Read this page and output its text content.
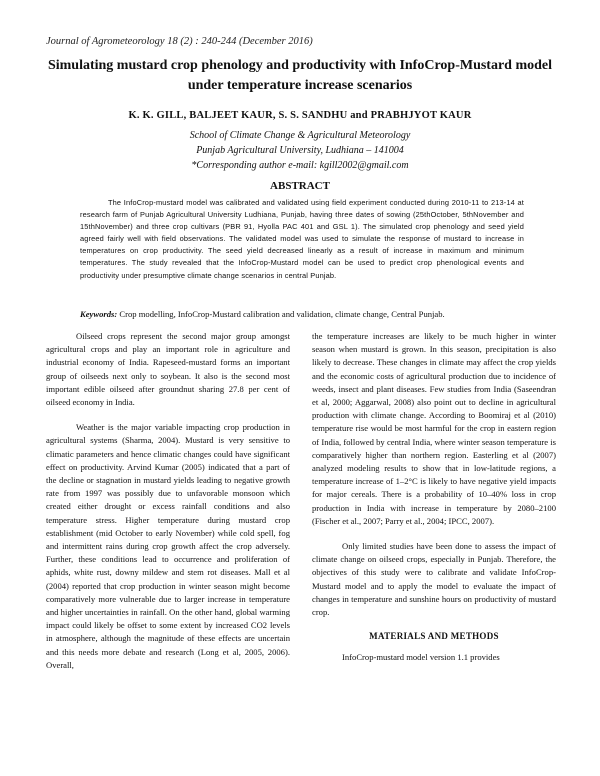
Journal of Agrometeorology 18 (2) : 240-244 (December 2016)
Simulating mustard crop phenology and productivity with InfoCrop-Mustard model
under temperature increase scenarios
K. K. GILL, BALJEET KAUR, S. S. SANDHU and PRABHJYOT KAUR
School of Climate Change & Agricultural Meteorology
Punjab Agricultural University, Ludhiana – 141004
*Corresponding author e-mail: kgill2002@gmail.com
ABSTRACT
The InfoCrop-mustard model was calibrated and validated using field experiment conducted during 2010-11 to 213-14 at research farm of Punjab Agricultural University Ludhiana, Punjab, having three dates of sowing (25thOctober, 5thNovember and 15thNovember) and three crop cultivars (PBR 91, Hyolla PAC 401 and GSL 1). The simulated crop phenology and seed yield agreed fairly well with field observations. The validated model was used to simulate the response of mustard to increase in temperatures on crop productivity. The seed yield decreased linearly as a result of increase in maximum and minimum temperatures. The study revealed that the InfoCrop-Mustard model can be used to predict crop phenological events and productivity under presumptive climate change scenarios in central Punjab.
Keywords: Crop modelling, InfoCrop-Mustard calibration and validation, climate change, Central Punjab.

Oilseed crops represent the second major group amongst agricultural crops and play an important role in agriculture and industrial economy of India. Rapeseed-mustard forms an important group of oilseeds next only to soybean. It also is the second most important edible oilseed after groundnut sharing 27.8 per cent of oilseed economy in India.

Weather is the major variable impacting crop production in agricultural systems (Sharma, 2004). Mustard is very sensitive to climatic parameters and hence climatic changes could have significant effect on productivity. Arvind Kumar (2005) indicated that a part of the decline or stagnation in mustard yields leading to negative growth rate from 1997 was possibly due to unfavorable monsoon which created either drought or excess rainfall conditions and also temperature stress. Higher temperature during mustard crop establishment (mid October to early November) while cold spell, fog and intermittent rains during crop growth affect the crop adversely. Further, these conditions lead to occurrence and proliferation of aphids, white rust, downy mildew and stem rot diseases. Mall et al (2004) reported that crop production in winter season might become comparatively more vulnerable due to larger increase in temperature and higher uncertainties in rainfall. On the other hand, global warming impact could likely be offset to some extent by increased CO2 levels in atmosphere, although the magnitude of these effects are uncertain and this needs more debate and research (Long et al, 2005, 2006). Overall,

the temperature increases are likely to be much higher in winter season when mustard is grown. In this season, precipitation is also likely to decrease. These changes in climate may affect the crop yields and the economic costs of agricultural production due to incidence of weeds, insect and plant diseases. Few studies from India (Saseendran et al, 2000; Aggarwal, 2008) also point out to decline in agricultural production with climate change. According to Boomiraj et al (2010) temperature rise would be most harmful for the crop in eastern region of India, followed by central India, where winter season temperature is comparatively higher than northern region. Easterling et al (2007) analyzed modeling results to show that in low-latitude regions, a temperature increase of 1–2°C is likely to have negative yield impacts for major cereals. There is a probability of 10–40% loss in crop production in India with increase in temperature by 2080–2100 (Fischer et al., 2007; Parry et al., 2004; IPCC, 2007).

Only limited studies have been done to assess the impact of climate change on oilseed crops, especially in Punjab. Therefore, the objectives of this study were to calibrate and validate InfoCrop-Mustard model and to apply the model to evaluate the impact of changes in temperature and sunshine hours on productivity of mustard crop.

MATERIALS AND METHODS

InfoCrop-mustard model version 1.1 provides
